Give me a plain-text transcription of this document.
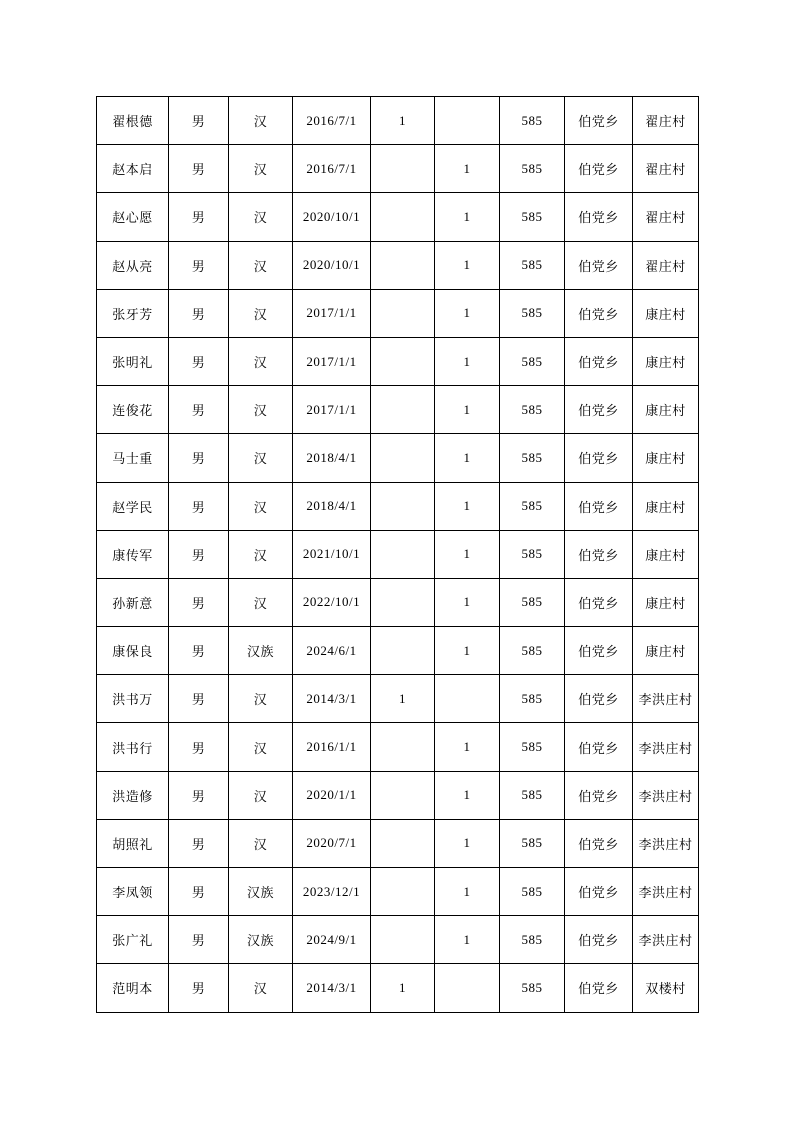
翟根德	男	汉	2016/7/1	1		585	伯党乡	翟庄村
赵本启	男	汉	2016/7/1		1	585	伯党乡	翟庄村
赵心愿	男	汉	2020/10/1		1	585	伯党乡	翟庄村
赵从亮	男	汉	2020/10/1		1	585	伯党乡	翟庄村
张牙芳	男	汉	2017/1/1		1	585	伯党乡	康庄村
张明礼	男	汉	2017/1/1		1	585	伯党乡	康庄村
连俊花	男	汉	2017/1/1		1	585	伯党乡	康庄村
马士重	男	汉	2018/4/1		1	585	伯党乡	康庄村
赵学民	男	汉	2018/4/1		1	585	伯党乡	康庄村
康传军	男	汉	2021/10/1		1	585	伯党乡	康庄村
孙新意	男	汉	2022/10/1		1	585	伯党乡	康庄村
康保良	男	汉族	2024/6/1		1	585	伯党乡	康庄村
洪书万	男	汉	2014/3/1	1		585	伯党乡	李洪庄村
洪书行	男	汉	2016/1/1		1	585	伯党乡	李洪庄村
洪造修	男	汉	2020/1/1		1	585	伯党乡	李洪庄村
胡照礼	男	汉	2020/7/1		1	585	伯党乡	李洪庄村
李凤领	男	汉族	2023/12/1		1	585	伯党乡	李洪庄村
张广礼	男	汉族	2024/9/1		1	585	伯党乡	李洪庄村
范明本	男	汉	2014/3/1	1		585	伯党乡	双楼村
